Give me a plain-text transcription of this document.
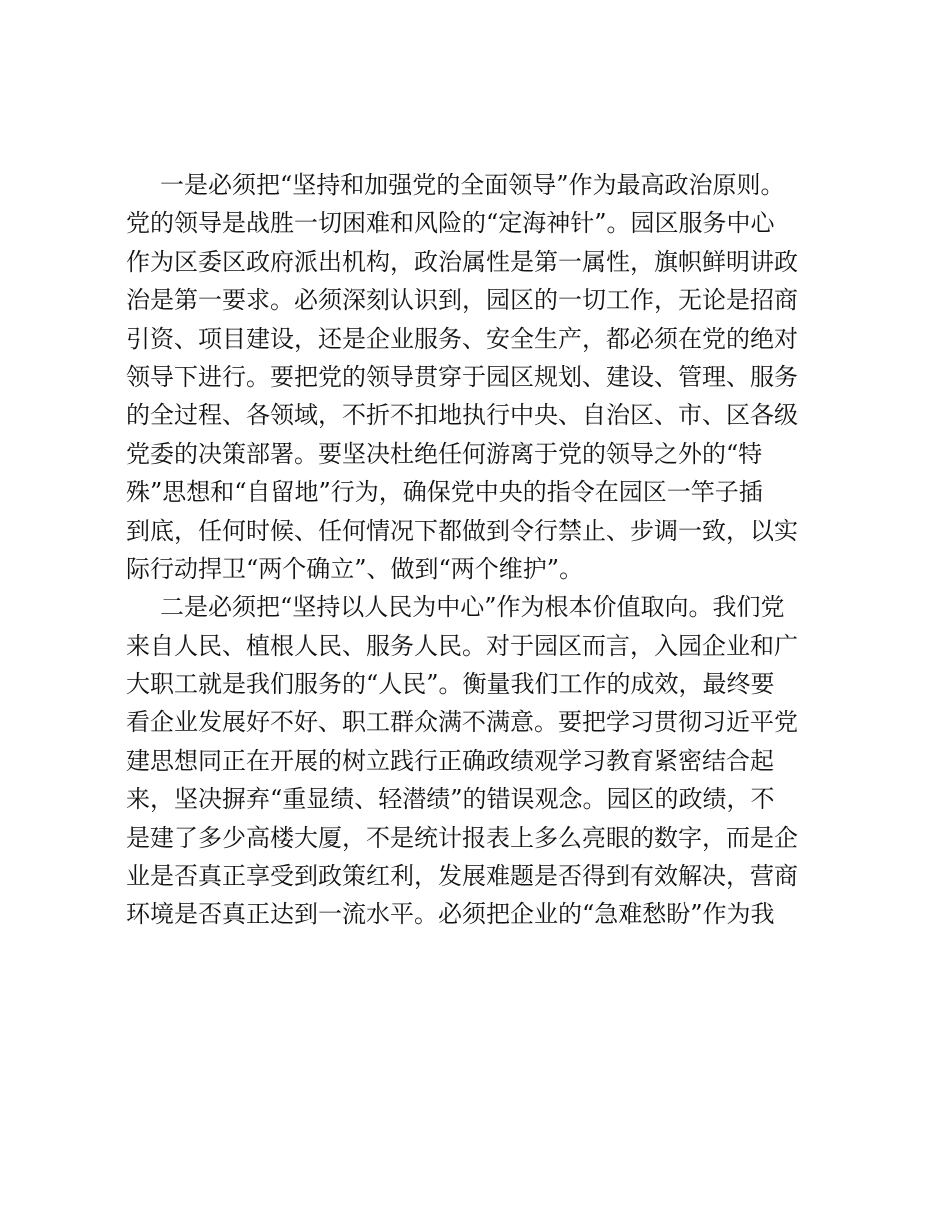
一是必须把“坚持和加强党的全面领导”作为最高政治原则。
党的领导是战胜一切困难和风险的“定海神针”。园区服务中心
作为区委区政府派出机构，政治属性是第一属性，旗帜鲜明讲政
治是第一要求。必须深刻认识到，园区的一切工作，无论是招商
引资、项目建设，还是企业服务、安全生产，都必须在党的绝对
领导下进行。要把党的领导贯穿于园区规划、建设、管理、服务
的全过程、各领域，不折不扣地执行中央、自治区、市、区各级
党委的决策部署。要坚决杜绝任何游离于党的领导之外的“特
殊”思想和“自留地”行为，确保党中央的指令在园区一竿子插
到底，任何时候、任何情况下都做到令行禁止、步调一致，以实
际行动捍卫“两个确立”、做到“两个维护”。
二是必须把“坚持以人民为中心”作为根本价值取向。我们党
来自人民、植根人民、服务人民。对于园区而言，入园企业和广
大职工就是我们服务的“人民”。衡量我们工作的成效，最终要
看企业发展好不好、职工群众满不满意。要把学习贯彻习近平党
建思想同正在开展的树立践行正确政绩观学习教育紧密结合起
来，坚决摒弃“重显绩、轻潜绩”的错误观念。园区的政绩，不
是建了多少高楼大厦，不是统计报表上多么亮眼的数字，而是企
业是否真正享受到政策红利，发展难题是否得到有效解决，营商
环境是否真正达到一流水平。必须把企业的“急难愁盼”作为我
